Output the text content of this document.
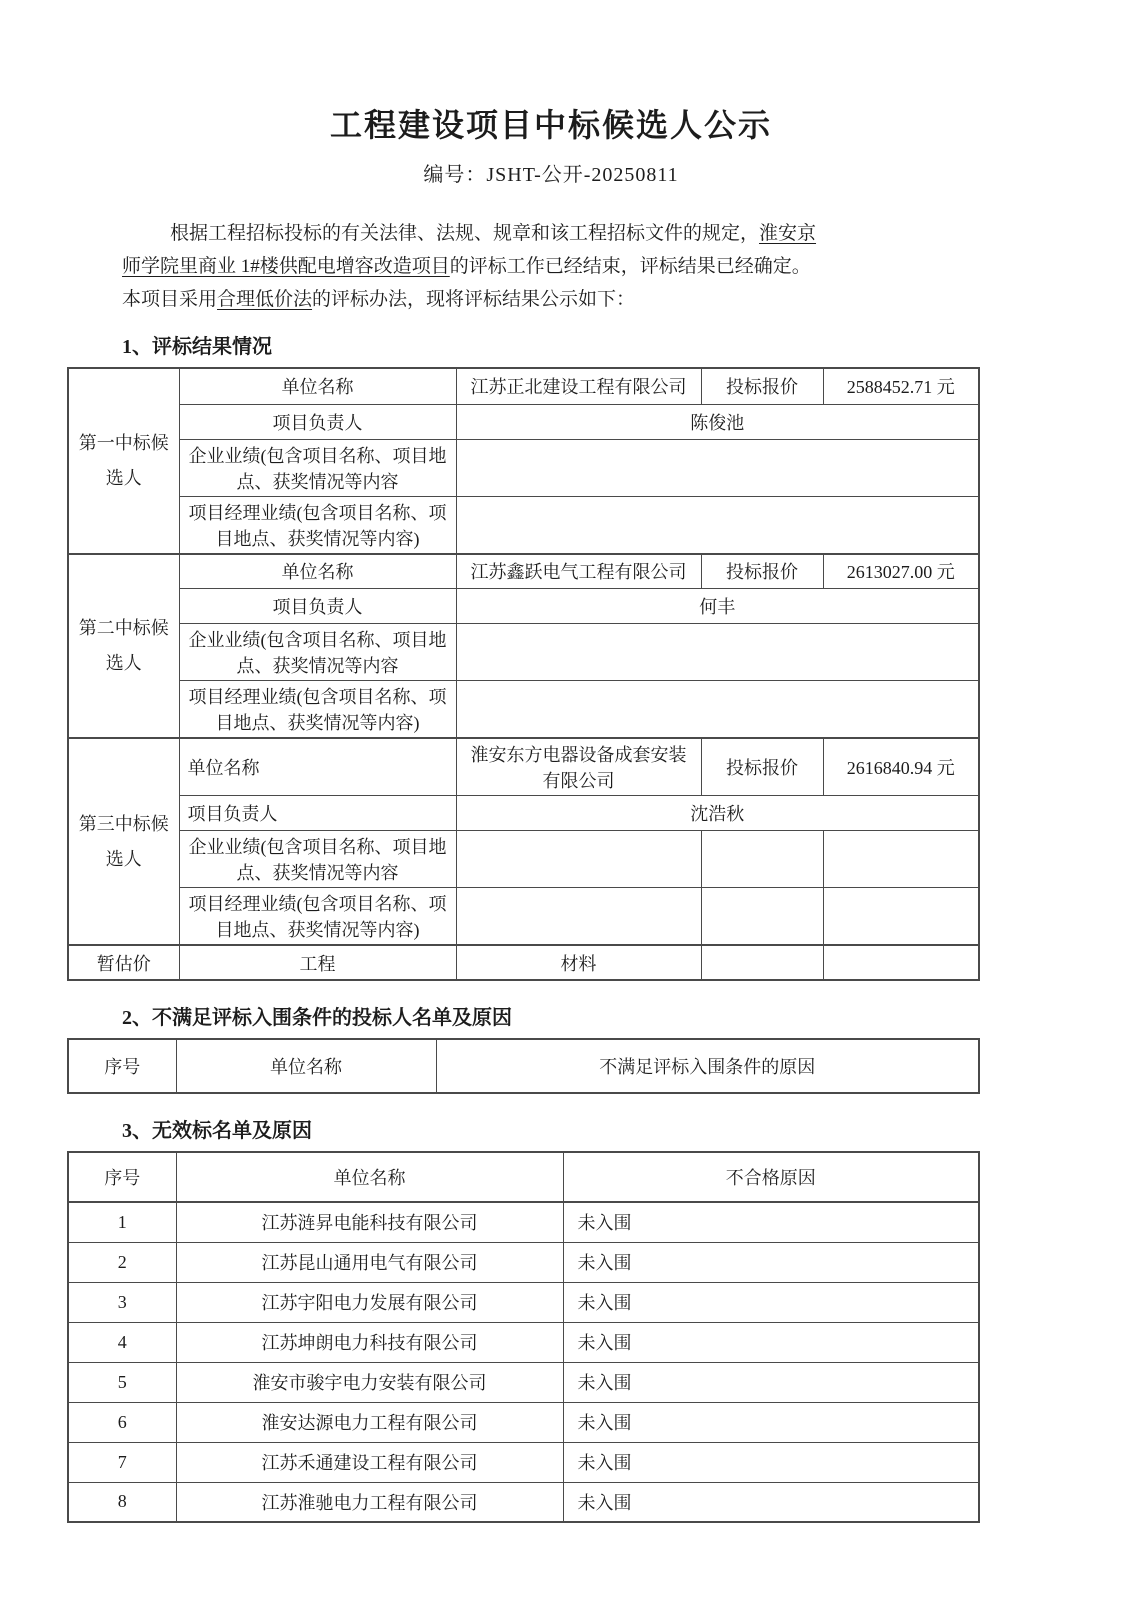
工程建设项目中标候选人公示
编号：JSHT-公开-20250811
根据工程招标投标的有关法律、法规、规章和该工程招标文件的规定，淮安京
师学院里商业 1#楼供配电增容改造项目的评标工作已经结束，评标结果已经确定。
本项目采用合理低价法的评标办法，现将评标结果公示如下：
1、评标结果情况
第一中标候选人	单位名称	江苏正北建设工程有限公司	投标报价	2588452.71 元
	项目负责人	陈俊池		
	企业业绩(包含项目名称、项目地点、获奖情况等内容			
	项目经理业绩(包含项目名称、项目地点、获奖情况等内容)			
第二中标候选人	单位名称	江苏鑫跃电气工程有限公司	投标报价	2613027.00 元
	项目负责人	何丰		
	企业业绩(包含项目名称、项目地点、获奖情况等内容			
	项目经理业绩(包含项目名称、项目地点、获奖情况等内容)			
第三中标候选人	单位名称	淮安东方电器设备成套安装有限公司	投标报价	2616840.94 元
	项目负责人	沈浩秋		
	企业业绩(包含项目名称、项目地点、获奖情况等内容			
	项目经理业绩(包含项目名称、项目地点、获奖情况等内容)			
暂估价	工程	材料		
2、不满足评标入围条件的投标人名单及原因
序号	单位名称	不满足评标入围条件的原因
3、无效标名单及原因
序号	单位名称	不合格原因
1	江苏涟昇电能科技有限公司	未入围
2	江苏昆山通用电气有限公司	未入围
3	江苏宇阳电力发展有限公司	未入围
4	江苏坤朗电力科技有限公司	未入围
5	淮安市骏宇电力安装有限公司	未入围
6	淮安达源电力工程有限公司	未入围
7	江苏禾通建设工程有限公司	未入围
8	江苏淮驰电力工程有限公司	未入围
